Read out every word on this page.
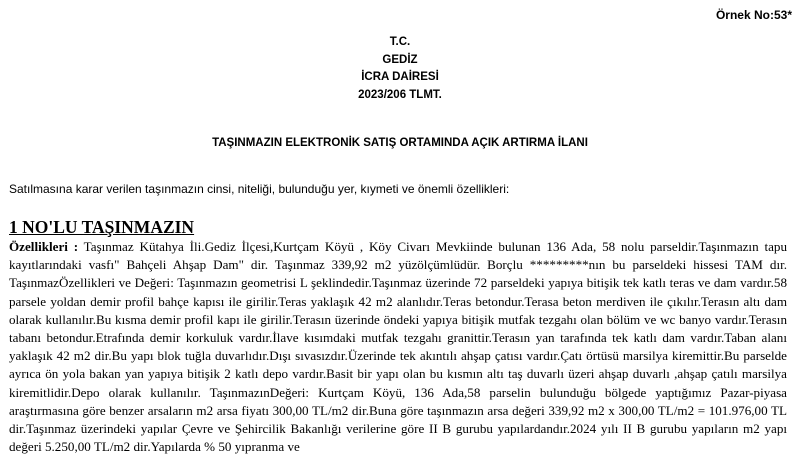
Örnek No:53*
T.C.
GEDİZ
İCRA DAİRESİ
2023/206 TLMT.
TAŞINMAZIN ELEKTRONİK SATIŞ ORTAMINDA AÇIK ARTIRMA İLANI
Satılmasına karar verilen taşınmazın cinsi, niteliği, bulunduğu yer, kıymeti ve önemli özellikleri:
1 NO'LU TAŞINMAZIN
Özellikleri : Taşınmaz Kütahya İli.Gediz İlçesi,Kurtçam Köyü , Köy Civarı Mevkiinde bulunan 136 Ada, 58 nolu parseldir.Taşınmazın tapu kayıtlarındaki vasfı" Bahçeli Ahşap Dam" dir. Taşınmaz 339,92 m2 yüzölçümlüdür. Borçlu *********nın bu parseldeki hissesi TAM dır. TaşınmazÖzellikleri ve Değeri: Taşınmazın geometrisi L şeklindedir.Taşınmaz üzerinde 72 parseldeki yapıya bitişik tek katlı teras ve dam vardır.58 parsele yoldan demir profil bahçe kapısı ile girilir.Teras yaklaşık 42 m2 alanlıdır.Teras betondur.Terasa beton merdiven ile çıkılır.Terasın altı dam olarak kullanılır.Bu kısma demir profil kapı ile girilir.Terasın üzerinde öndeki yapıya bitişik mutfak tezgahı olan bölüm ve wc banyo vardır.Terasın tabanı betondur.Etrafında demir korkuluk vardır.İlave kısımdaki mutfak tezgahı granittir.Terasın yan tarafında tek katlı dam vardır.Taban alanı yaklaşık 42 m2 dir.Bu yapı blok tuğla duvarlıdır.Dışı sıvasızdır.Üzerinde tek akıntılı ahşap çatısı vardır.Çatı örtüsü marsilya kiremittir.Bu parselde ayrıca ön yola bakan yan yapıya bitişik 2 katlı depo vardır.Basit bir yapı olan bu kısmın altı taş duvarlı üzeri ahşap duvarlı ,ahşap çatılı marsilya kiremitlidir.Depo olarak kullanılır. TaşınmazınDeğeri: Kurtçam Köyü, 136 Ada,58 parselin bulunduğu bölgede yaptığımız Pazar-piyasa araştırmasına göre benzer arsaların m2 arsa fiyatı 300,00 TL/m2 dir.Buna göre taşınmazın arsa değeri 339,92 m2 x 300,00 TL/m2 = 101.976,00 TL dir.Taşınmaz üzerindeki yapılar Çevre ve Şehircilik Bakanlığı verilerine göre II B gurubu yapılardandır.2024 yılı II B gurubu yapıların m2 yapı değeri 5.250,00 TL/m2 dir.Yapılarda % 50 yıpranma ve
